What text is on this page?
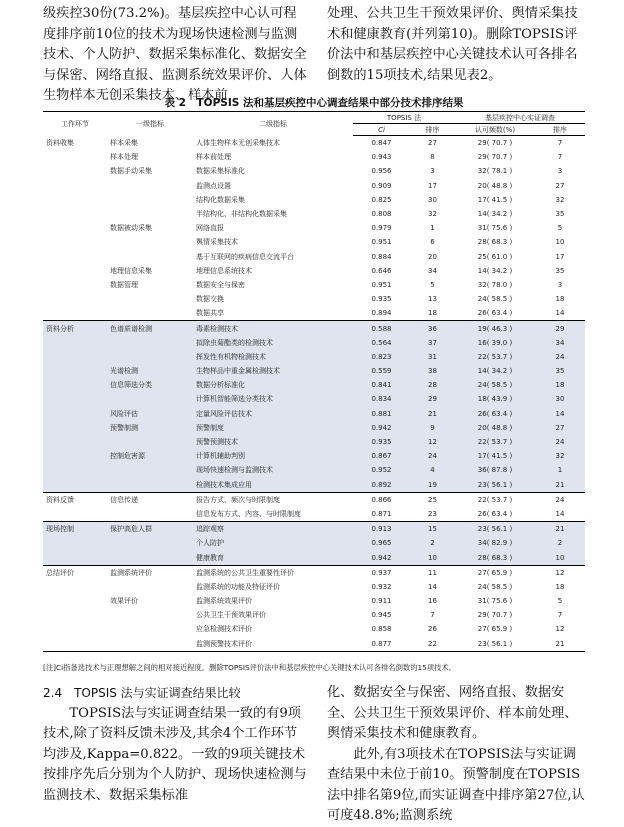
级疾控30份(73.2%)。基层疾控中心认可程度排序前10位的技术为现场快速检测与监测技术、个人防护、数据采集标准化、数据安全与保密、网络直报、监测系统效果评价、人体生物样本无创采集技术、样本前

处理、公共卫生干预效果评价、舆情采集技术和健康教育(并列第10)。删除TOPSIS评价法中和基层疾控中心关键技术认可各排名倒数的15项技术,结果见表2。

表 2　TOPSIS 法和基层疾控中心调查结果中部分技术排序结果
工作环节	一级指标	二级指标	TOPSIS 法		基层疾控中心实证调查	
			Ci	排序	认可频数(%)	排序
资料收集	样本采集	人体生物样本无创采集技术	0.847	27	29( 70.7 )	7
	样本处理	样本前处理	0.943	8	29( 70.7 )	7
	数据手动采集	数据采集标准化	0.956	3	32( 78.1 )	3
		监测点设置	0.909	17	20( 48.8 )	27
		结构化数据采集	0.825	30	17( 41.5 )	32
		半结构化、非结构化数据采集	0.808	32	14( 34.2 )	35
	数据被动采集	网络直报	0.979	1	31( 75.6 )	5
		舆情采集技术	0.951	6	28( 68.3 )	10
		基于互联网的疾病信息交流平台	0.884	20	25( 61.0 )	17
	地理信息采集	地理信息系统技术	0.646	34	14( 34.2 )	35
	数据管理	数据安全与保密	0.951	5	32( 78.0 )	3
		数据交换	0.935	13	24( 58.5 )	18
		数据共享	0.894	18	26( 63.4 )	14
资料分析	色谱质谱检测	毒素检测技术	0.588	36	19( 46.3 )	29
		拟除虫菊酯类的检测技术	0.564	37	16( 39.0 )	34
		挥发性有机物检测技术	0.823	31	22( 53.7 )	24
	光谱检测	生物样品中重金属检测技术	0.559	38	14( 34.2 )	35
	信息筛选分类	数据分析标准化	0.841	28	24( 58.5 )	18
		计算机智能筛选分类技术	0.834	29	18( 43.9 )	30
	风险评估	定量风险评估技术	0.881	21	26( 63.4 )	14
	预警制测	预警制度	0.942	9	20( 48.8 )	27
		预警预测技术	0.935	12	22( 53.7 )	24
	控制危害源	计算机辅助判别	0.867	24	17( 41.5 )	32
		现场快速检测与监测技术	0.952	4	36( 87.8 )	1
		检测技术集成应用	0.892	19	23( 56.1 )	21
资料反馈	信息传递	报告方式、频次与时限制度	0.866	25	22( 53.7 )	24
		信息发布方式、内容、与时限制度	0.871	23	26( 63.4 )	14
现场控制	保护高危人群	追踪观察	0.913	15	23( 56.1 )	21
		个人防护	0.965	2	34( 82.9 )	2
		健康教育	0.942	10	28( 68.3 )	10
总结评价	监测系统评价	监测系统的公共卫生重要性评价	0.937	11	27( 65.9 )	12
		监测系统的功能及特征评价	0.932	14	24( 58.5 )	18
	效果评价	监测系统效果评价	0.911	16	31( 75.6 )	5
		公共卫生干预效果评价	0.945	7	29( 70.7 )	7
		应急检测技术评价	0.858	26	27( 65.9 )	12
		监测预警技术评价	0.877	22	23( 56.1 )	21
[注]Ci指备选技术与正理想解之间的相对接近程度。删除TOPSIS评价法中和基层疾控中心关键技术认可各排名倒数的15项技术。

2.4　TOPSIS 法与实证调查结果比较

TOPSIS法与实证调查结果一致的有9项技术,除了资料反馈未涉及,其余4个工作环节均涉及,Kappa=0.822。一致的9项关键技术按排序先后分别为个人防护、现场快速检测与监测技术、数据采集标准

化、数据安全与保密、网络直报、数据安全、公共卫生干预效果评价、样本前处理、舆情采集技术和健康教育。

此外,有3项技术在TOPSIS法与实证调查结果中未位于前10。预警制度在TOPSIS法中排名第9位,而实证调查中排序第27位,认可度48.8%;监测系统
